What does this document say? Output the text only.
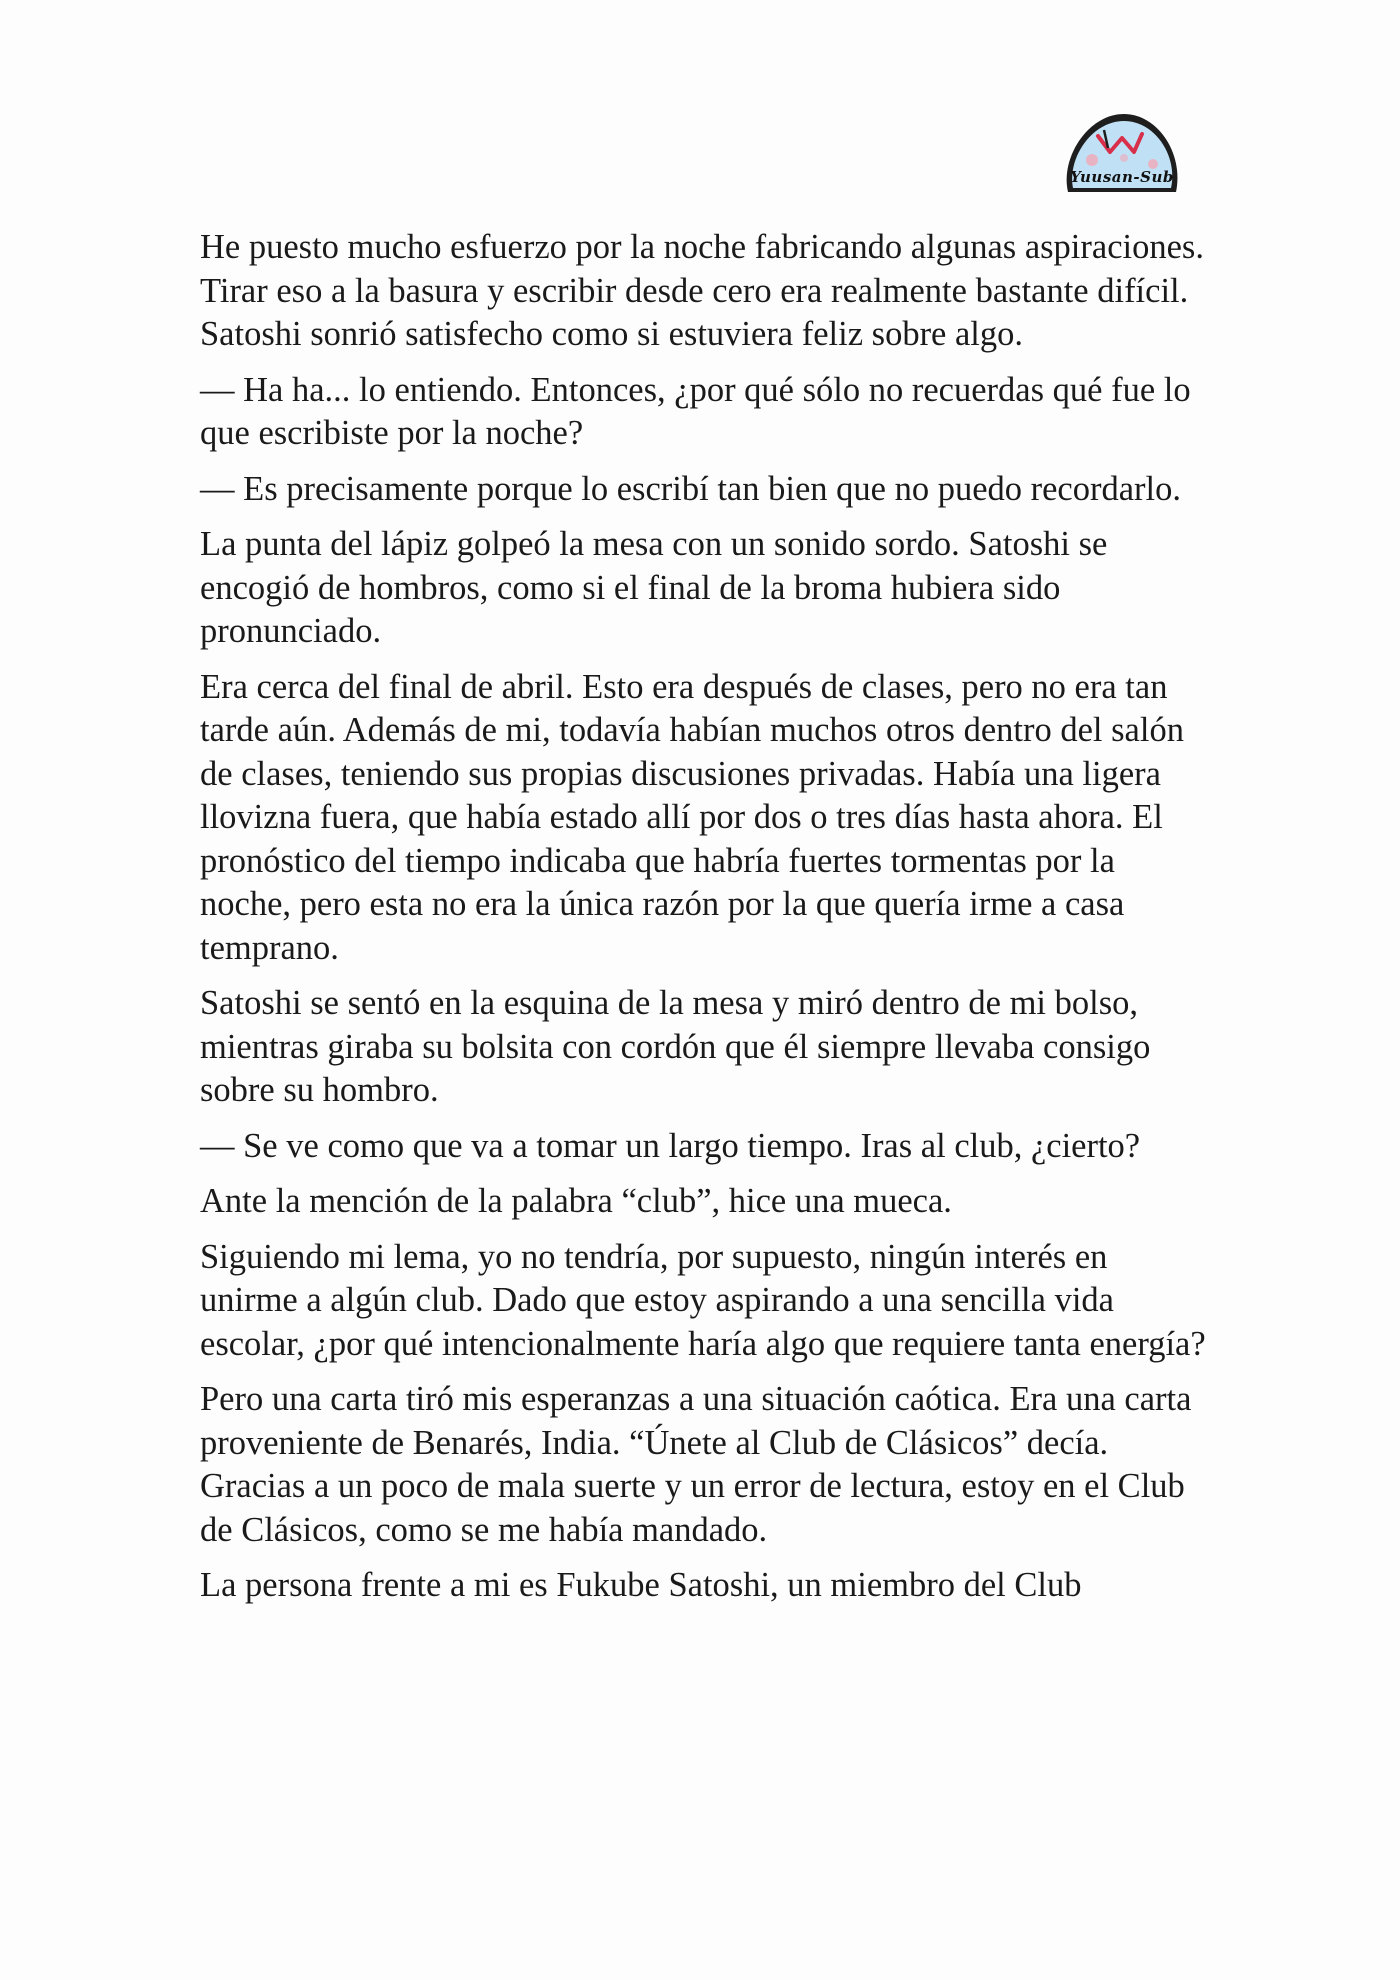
Yuusan-Sub

He puesto mucho esfuerzo por la noche fabricando algunas aspiraciones. Tirar eso a la basura y escribir desde cero era realmente bastante difícil. Satoshi sonrió satisfecho como si estuviera feliz sobre algo.

— Ha ha... lo entiendo. Entonces, ¿por qué sólo no recuerdas qué fue lo que escribiste por la noche?

— Es precisamente porque lo escribí tan bien que no puedo recordarlo.

La punta del lápiz golpeó la mesa con un sonido sordo. Satoshi se encogió de hombros, como si el final de la broma hubiera sido pronunciado.

Era cerca del final de abril. Esto era después de clases, pero no era tan tarde aún. Además de mi, todavía habían muchos otros dentro del salón de clases, teniendo sus propias discusiones privadas. Había una ligera llovizna fuera, que había estado allí por dos o tres días hasta ahora. El pronóstico del tiempo indicaba que habría fuertes tormentas por la noche, pero esta no era la única razón por la que quería irme a casa temprano.

Satoshi se sentó en la esquina de la mesa y miró dentro de mi bolso, mientras giraba su bolsita con cordón que él siempre llevaba consigo sobre su hombro.

— Se ve como que va a tomar un largo tiempo. Iras al club, ¿cierto?

Ante la mención de la palabra “club”, hice una mueca.

Siguiendo mi lema, yo no tendría, por supuesto, ningún interés en unirme a algún club. Dado que estoy aspirando a una sencilla vida escolar, ¿por qué intencionalmente haría algo que requiere tanta energía?

Pero una carta tiró mis esperanzas a una situación caótica. Era una carta proveniente de Benarés, India. “Únete al Club de Clásicos” decía. Gracias a un poco de mala suerte y un error de lectura, estoy en el Club de Clásicos, como se me había mandado.

La persona frente a mi es Fukube Satoshi, un miembro del Club
